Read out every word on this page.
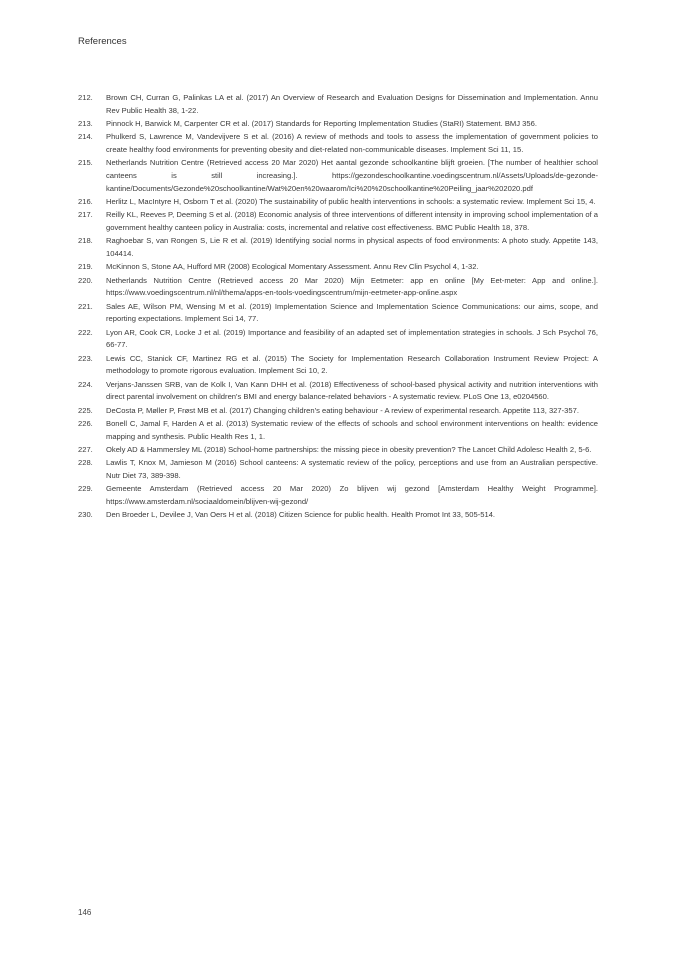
References
212.	Brown CH, Curran G, Palinkas LA et al. (2017) An Overview of Research and Evaluation Designs for Dissemination and Implementation. Annu Rev Public Health 38, 1-22.
213.	Pinnock H, Barwick M, Carpenter CR et al. (2017) Standards for Reporting Implementation Studies (StaRI) Statement. BMJ 356.
214.	Phulkerd S, Lawrence M, Vandevijvere S et al. (2016) A review of methods and tools to assess the implementation of government policies to create healthy food environments for preventing obesity and diet-related non-communicable diseases. Implement Sci 11, 15.
215.	Netherlands Nutrition Centre (Retrieved access 20 Mar 2020) Het aantal gezonde schoolkantine blijft groeien. [The number of healthier school canteens is still increasing.]. https://gezondeschoolkantine.voedingscentrum.nl/Assets/Uploads/de-gezonde-kantine/Documents/Gezonde%20schoolkantine/Wat%20en%20waarom/Ici%20%20schoolkantine%20Peiling_jaar%202020.pdf
216.	Herlitz L, MacIntyre H, Osborn T et al. (2020) The sustainability of public health interventions in schools: a systematic review. Implement Sci 15, 4.
217.	Reilly KL, Reeves P, Deeming S et al. (2018) Economic analysis of three interventions of different intensity in improving school implementation of a government healthy canteen policy in Australia: costs, incremental and relative cost effectiveness. BMC Public Health 18, 378.
218.	Raghoebar S, van Rongen S, Lie R et al. (2019) Identifying social norms in physical aspects of food environments: A photo study. Appetite 143, 104414.
219.	McKinnon S, Stone AA, Hufford MR (2008) Ecological Momentary Assessment. Annu Rev Clin Psychol 4, 1-32.
220.	Netherlands Nutrition Centre (Retrieved access 20 Mar 2020) Mijn Eetmeter: app en online [My Eet-meter: App and online.]. https://www.voedingscentrum.nl/nl/thema/apps-en-tools-voedingscentrum/mijn-eetmeter-app-online.aspx
221.	Sales AE, Wilson PM, Wensing M et al. (2019) Implementation Science and Implementation Science Communications: our aims, scope, and reporting expectations. Implement Sci 14, 77.
222.	Lyon AR, Cook CR, Locke J et al. (2019) Importance and feasibility of an adapted set of implementation strategies in schools. J Sch Psychol 76, 66-77.
223.	Lewis CC, Stanick CF, Martinez RG et al. (2015) The Society for Implementation Research Collaboration Instrument Review Project: A methodology to promote rigorous evaluation. Implement Sci 10, 2.
224.	Verjans-Janssen SRB, van de Kolk I, Van Kann DHH et al. (2018) Effectiveness of school-based physical activity and nutrition interventions with direct parental involvement on children's BMI and energy balance-related behaviors - A systematic review. PLoS One 13, e0204560.
225.	DeCosta P, Møller P, Frøst MB et al. (2017) Changing children's eating behaviour - A review of experimental research. Appetite 113, 327-357.
226.	Bonell C, Jamal F, Harden A et al. (2013) Systematic review of the effects of schools and school environment interventions on health: evidence mapping and synthesis. Public Health Res 1, 1.
227.	Okely AD & Hammersley ML (2018) School-home partnerships: the missing piece in obesity prevention? The Lancet Child Adolesc Health 2, 5-6.
228.	Lawlis T, Knox M, Jamieson M (2016) School canteens: A systematic review of the policy, perceptions and use from an Australian perspective. Nutr Diet 73, 389-398.
229.	Gemeente Amsterdam (Retrieved access 20 Mar 2020) Zo blijven wij gezond [Amsterdam Healthy Weight Programme]. https://www.amsterdam.nl/sociaaldomein/blijven-wij-gezond/
230.	Den Broeder L, Devilee J, Van Oers H et al. (2018) Citizen Science for public health. Health Promot Int 33, 505-514.
146
